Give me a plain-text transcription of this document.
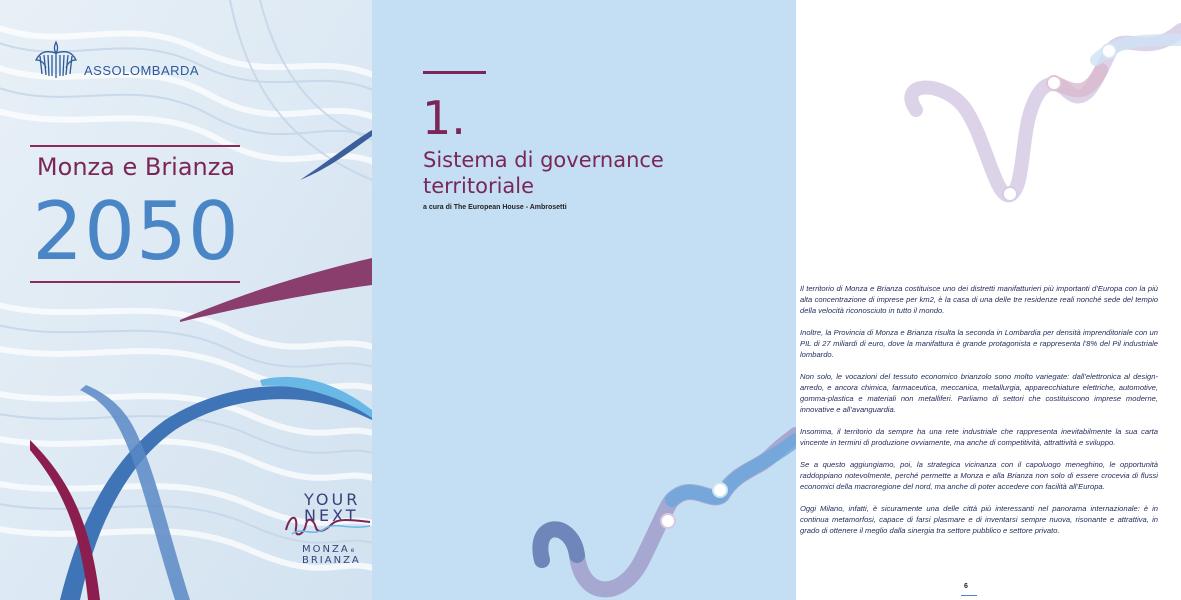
ASSOLOMBARDA
Monza e Brianza
2050
YOUR
NEXT
MONZAe
BRIANZA
1.
Sistema di governance territoriale
a cura di The European House - Ambrosetti

Il territorio di Monza e Brianza costituisce uno dei distretti manifatturieri più importanti d’Europa con la più alta concentrazione di imprese per km2, è la casa di una delle tre residenze reali nonché sede del tempio della velocità riconosciuto in tutto il mondo.

Inoltre, la Provincia di Monza e Brianza risulta la seconda in Lombardia per densità imprenditoriale con un PIL di 27 miliardi di euro, dove la manifattura è grande protagonista e rappresenta l’8% del Pil industriale lombardo.

Non solo, le vocazioni del tessuto economico brianzolo sono molto variegate: dall’elettronica al design-arredo, e ancora chimica, farmaceutica, meccanica, metallurgia, apparecchiature elettriche, automotive, gomma-plastica e materiali non metalliferi. Parliamo di settori che costituiscono imprese moderne, innovative e all’avanguardia.

Insomma, il territorio da sempre ha una rete industriale che rappresenta inevitabilmente la sua carta vincente in termini di produzione ovviamente, ma anche di competitività, attrattività e sviluppo.

Se a questo aggiungiamo, poi, la strategica vicinanza con il capoluogo meneghino, le opportunità raddoppiano notevolmente, perché permette a Monza e alla Brianza non solo di essere crocevia di flussi economici della macroregione del nord, ma anche di poter accedere con facilità all’Europa.

Oggi Milano, infatti, è sicuramente una delle città più interessanti nel panorama internazionale: è in continua metamorfosi, capace di farsi plasmare e di inventarsi sempre nuova, risonante e attrattiva, in grado di ottenere il meglio dalla sinergia tra settore pubblico e settore privato.

6
